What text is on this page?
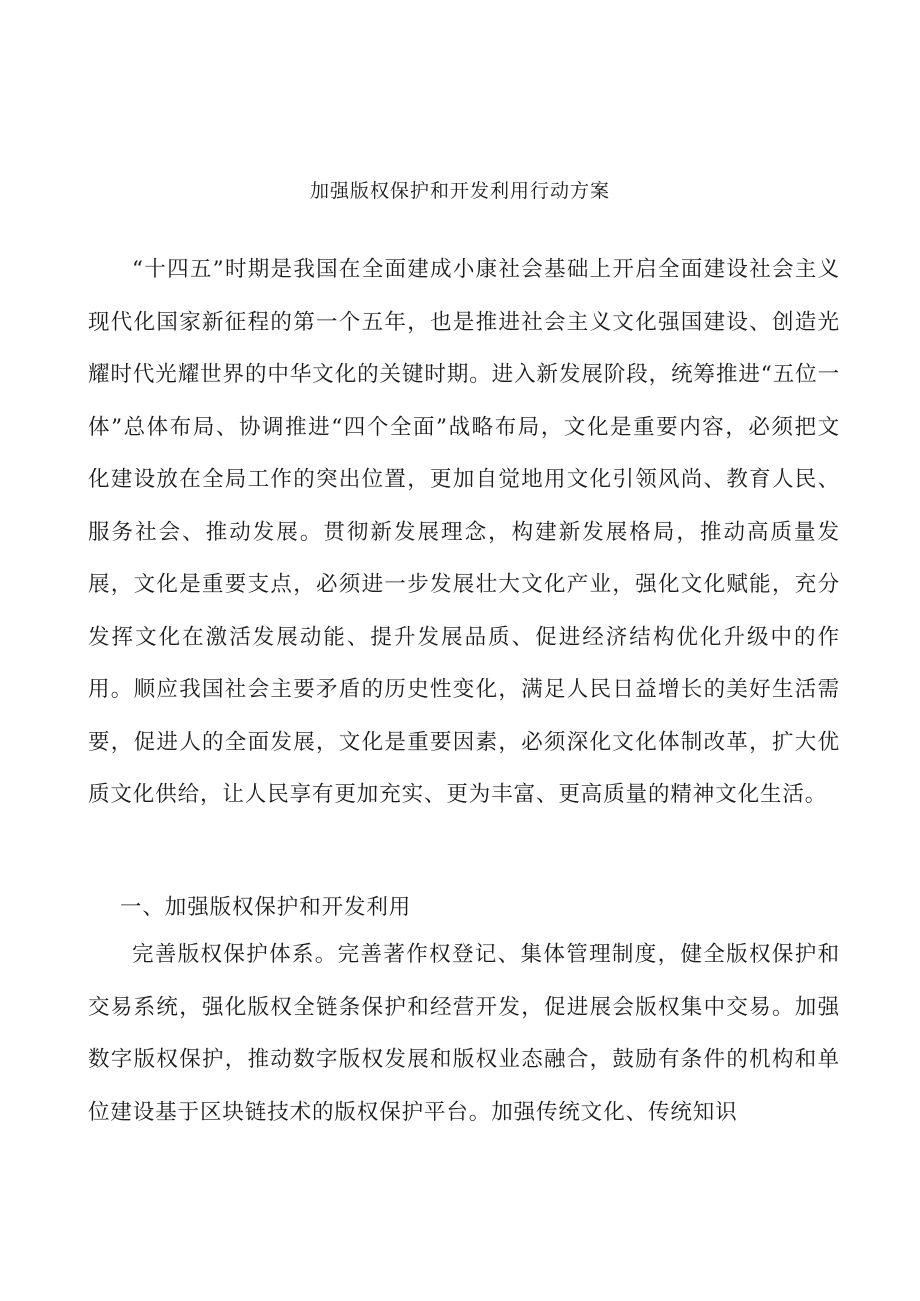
加强版权保护和开发利用行动方案

“十四五”时期是我国在全面建成小康社会基础上开启全面建设社会主义现代化国家新征程的第一个五年，也是推进社会主义文化强国建设、创造光耀时代光耀世界的中华文化的关键时期。进入新发展阶段，统筹推进“五位一体”总体布局、协调推进“四个全面”战略布局，文化是重要内容，必须把文化建设放在全局工作的突出位置，更加自觉地用文化引领风尚、教育人民、服务社会、推动发展。贯彻新发展理念，构建新发展格局，推动高质量发展，文化是重要支点，必须进一步发展壮大文化产业，强化文化赋能，充分发挥文化在激活发展动能、提升发展品质、促进经济结构优化升级中的作用。顺应我国社会主要矛盾的历史性变化，满足人民日益增长的美好生活需要，促进人的全面发展，文化是重要因素，必须深化文化体制改革，扩大优质文化供给，让人民享有更加充实、更为丰富、更高质量的精神文化生活。

一、加强版权保护和开发利用

完善版权保护体系。完善著作权登记、集体管理制度，健全版权保护和交易系统，强化版权全链条保护和经营开发，促进展会版权集中交易。加强数字版权保护，推动数字版权发展和版权业态融合，鼓励有条件的机构和单位建设基于区块链技术的版权保护平台。加强传统文化、传统知识
